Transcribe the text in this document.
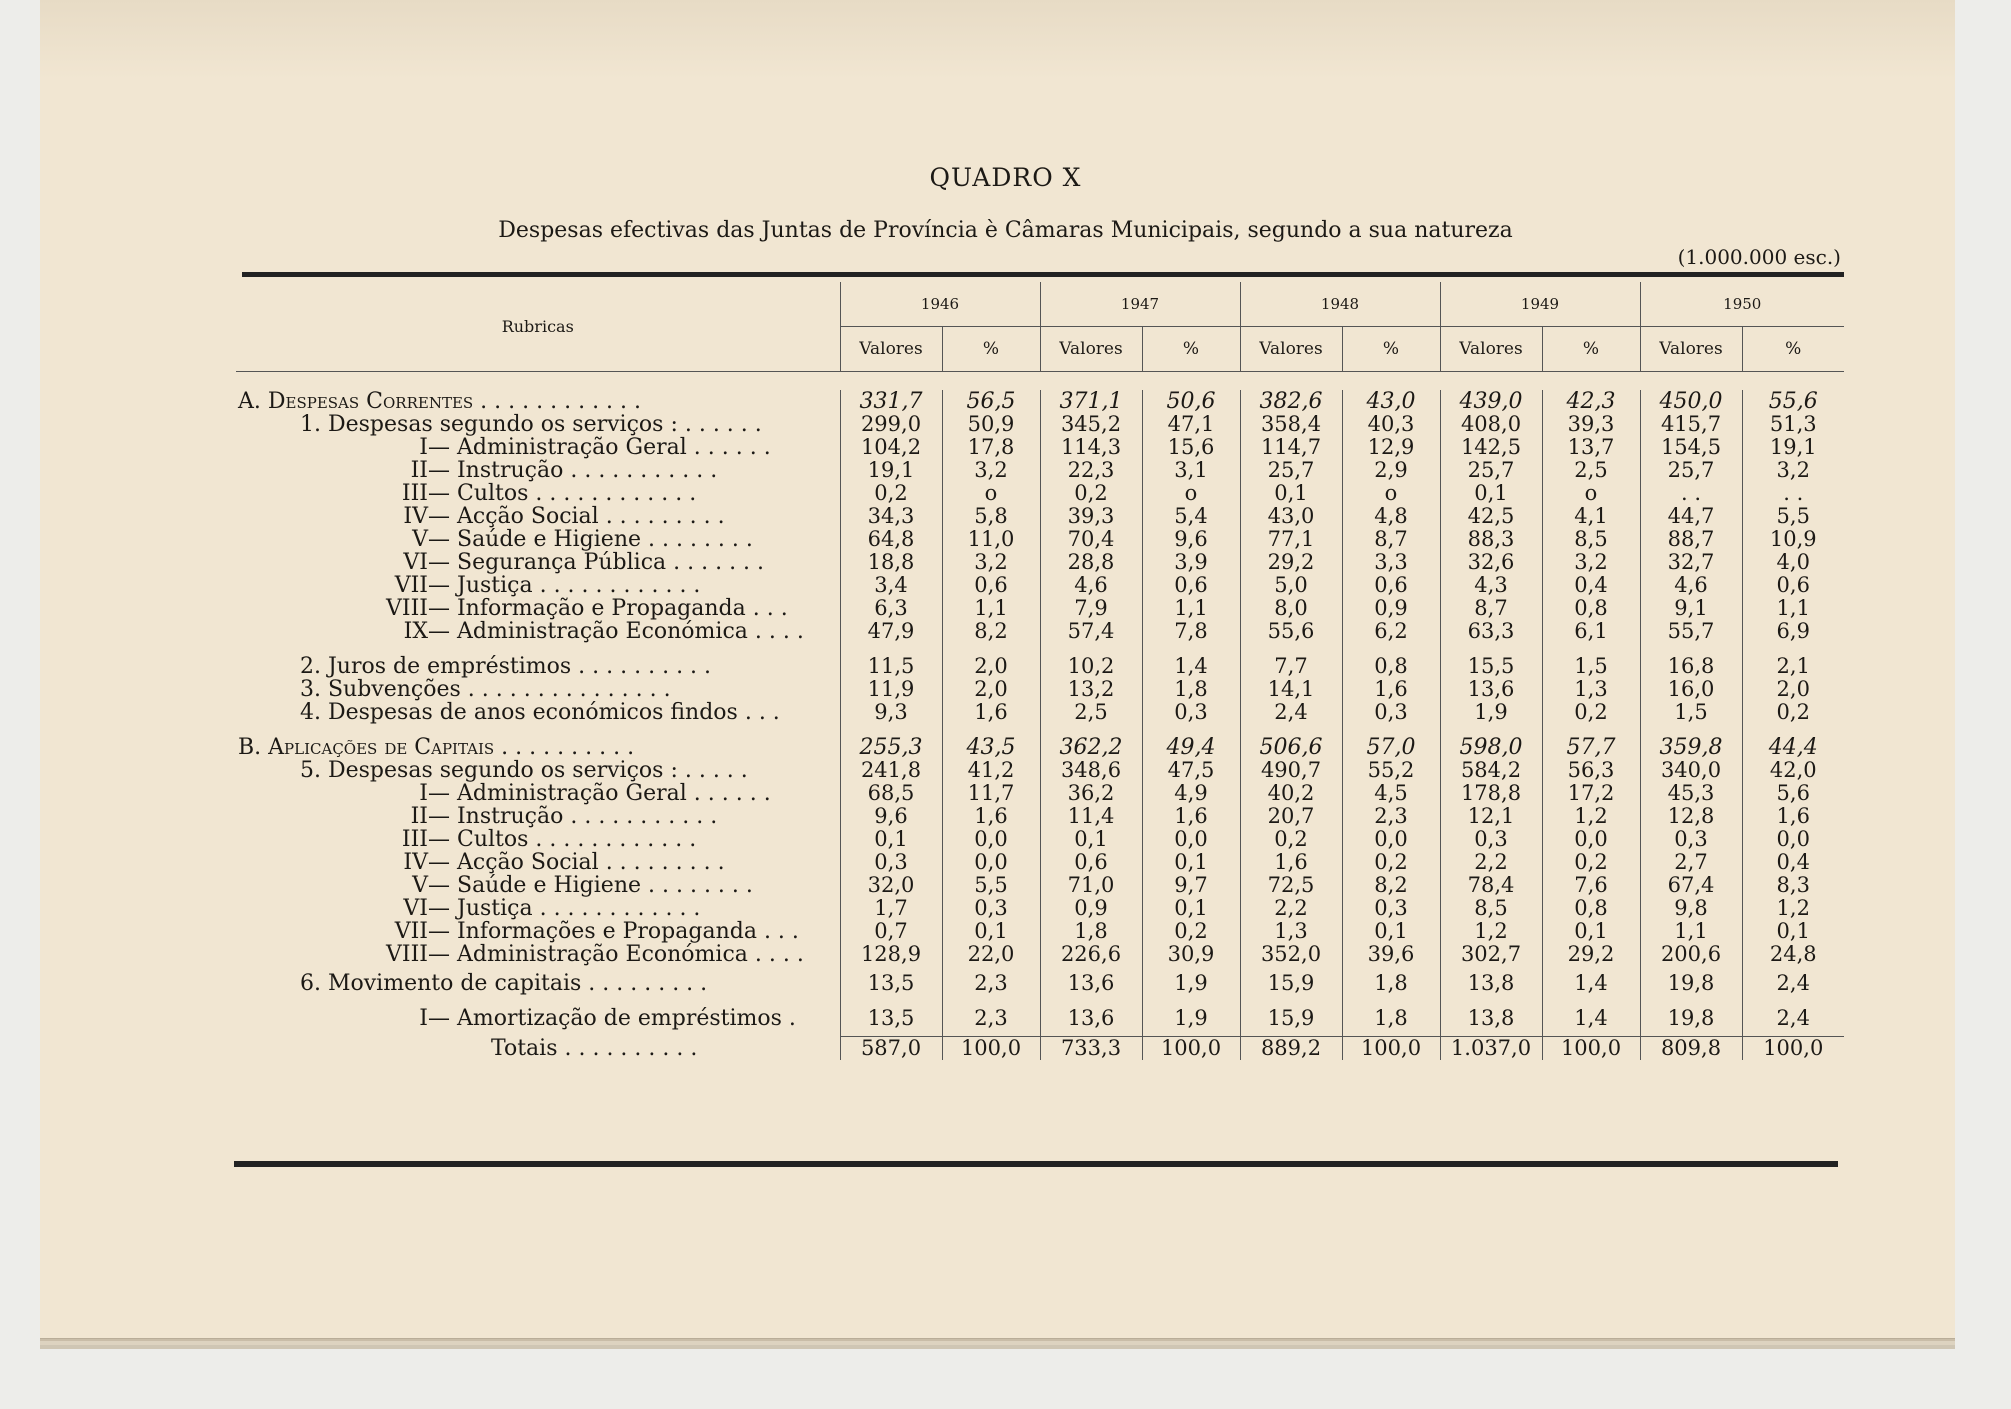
QUADRO X
Despesas efectivas das Juntas de Província è Câmaras Municipais, segundo a sua natureza
(1.000.000 esc.)
Rubricas	1946		1947		1948		1949		1950	
	Valores	%	Valores	%	Valores	%	Valores	%	Valores	%

A. Despesas Correntes . . . . . . . . . . . .	331,7	56,5	371,1	50,6	382,6	43,0	439,0	42,3	450,0	55,6
1. Despesas segundo os serviços : . . . . . .	299,0	50,9	345,2	47,1	358,4	40,3	408,0	39,3	415,7	51,3
I— Administração Geral . . . . . .	104,2	17,8	114,3	15,6	114,7	12,9	142,5	13,7	154,5	19,1
II— Instrução . . . . . . . . . . .	19,1	3,2	22,3	3,1	25,7	2,9	25,7	2,5	25,7	3,2
III— Cultos . . . . . . . . . . . .	0,2	o	0,2	o	0,1	o	0,1	o	. .	. .
IV— Acção Social . . . . . . . . .	34,3	5,8	39,3	5,4	43,0	4,8	42,5	4,1	44,7	5,5
V— Saúde e Higiene . . . . . . . .	64,8	11,0	70,4	9,6	77,1	8,7	88,3	8,5	88,7	10,9
VI— Segurança Pública . . . . . . .	18,8	3,2	28,8	3,9	29,2	3,3	32,6	3,2	32,7	4,0
VII— Justiça . . . . . . . . . . . .	3,4	0,6	4,6	0,6	5,0	0,6	4,3	0,4	4,6	0,6
VIII— Informação e Propaganda . . .	6,3	1,1	7,9	1,1	8,0	0,9	8,7	0,8	9,1	1,1
IX— Administração Económica . . . .	47,9	8,2	57,4	7,8	55,6	6,2	63,3	6,1	55,7	6,9

2. Juros de empréstimos . . . . . . . . . .	11,5	2,0	10,2	1,4	7,7	0,8	15,5	1,5	16,8	2,1
3. Subvenções . . . . . . . . . . . . . . .	11,9	2,0	13,2	1,8	14,1	1,6	13,6	1,3	16,0	2,0
4. Despesas de anos económicos findos . . .	9,3	1,6	2,5	0,3	2,4	0,3	1,9	0,2	1,5	0,2

B. Aplicações de Capitais . . . . . . . . . .	255,3	43,5	362,2	49,4	506,6	57,0	598,0	57,7	359,8	44,4
5. Despesas segundo os serviços : . . . . .	241,8	41,2	348,6	47,5	490,7	55,2	584,2	56,3	340,0	42,0
I— Administração Geral . . . . . .	68,5	11,7	36,2	4,9	40,2	4,5	178,8	17,2	45,3	5,6
II— Instrução . . . . . . . . . . .	9,6	1,6	11,4	1,6	20,7	2,3	12,1	1,2	12,8	1,6
III— Cultos . . . . . . . . . . . .	0,1	0,0	0,1	0,0	0,2	0,0	0,3	0,0	0,3	0,0
IV— Acção Social . . . . . . . . .	0,3	0,0	0,6	0,1	1,6	0,2	2,2	0,2	2,7	0,4
V— Saúde e Higiene . . . . . . . .	32,0	5,5	71,0	9,7	72,5	8,2	78,4	7,6	67,4	8,3
VI— Justiça . . . . . . . . . . . .	1,7	0,3	0,9	0,1	2,2	0,3	8,5	0,8	9,8	1,2
VII— Informações e Propaganda . . .	0,7	0,1	1,8	0,2	1,3	0,1	1,2	0,1	1,1	0,1
VIII— Administração Económica . . . .	128,9	22,0	226,6	30,9	352,0	39,6	302,7	29,2	200,6	24,8
6. Movimento de capitais . . . . . . . . .	13,5	2,3	13,6	1,9	15,9	1,8	13,8	1,4	19,8	2,4
I— Amortização de empréstimos .	13,5	2,3	13,6	1,9	15,9	1,8	13,8	1,4	19,8	2,4
Totais . . . . . . . . . .	587,0	100,0	733,3	100,0	889,2	100,0	1.037,0	100,0	809,8	100,0
